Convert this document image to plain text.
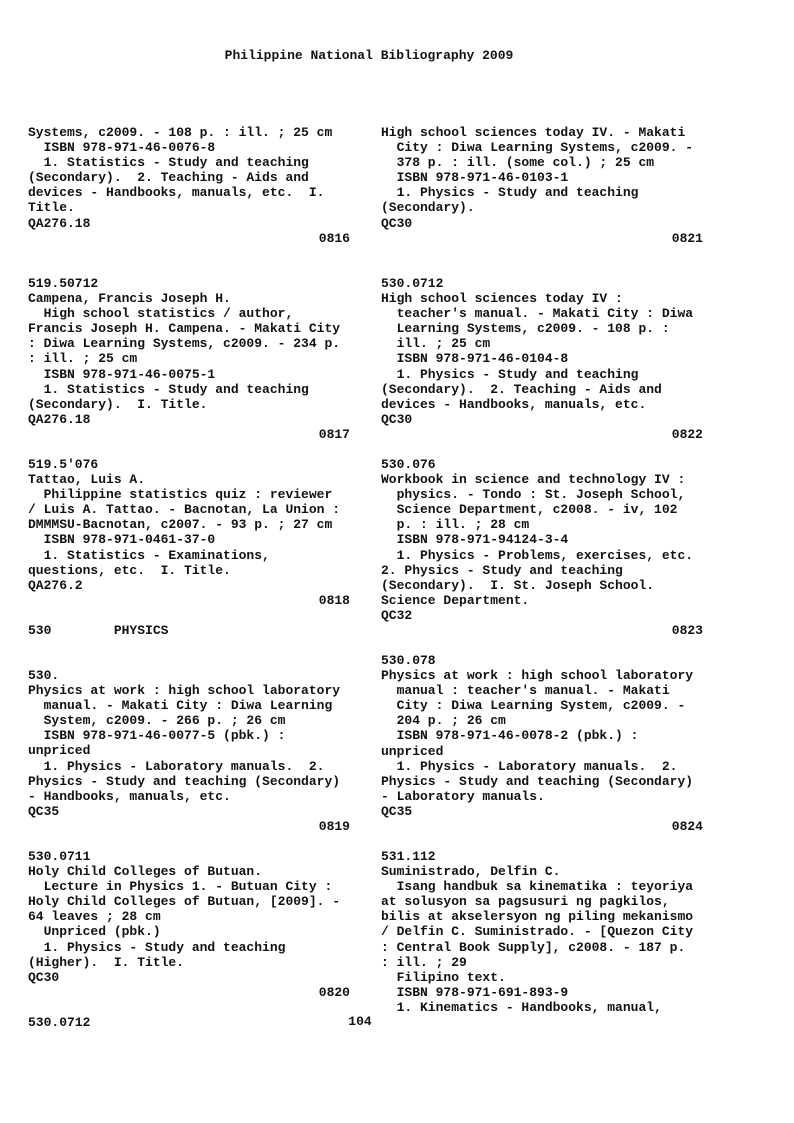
Philippine National Bibliography 2009
Systems, c2009. - 108 p. : ill. ; 25 cm
ISBN 978-971-46-0076-8
1. Statistics - Study and teaching
(Secondary).  2. Teaching - Aids and
devices - Handbooks, manuals, etc.  I.
Title.
QA276.18
0816
519.50712
Campena, Francis Joseph H.
High school statistics / author,
Francis Joseph H. Campena. - Makati City
: Diwa Learning Systems, c2009. - 234 p.
: ill. ; 25 cm
ISBN 978-971-46-0075-1
1. Statistics - Study and teaching
(Secondary).  I. Title.
QA276.18
0817
519.5'076
Tattao, Luis A.
Philippine statistics quiz : reviewer
/ Luis A. Tattao. - Bacnotan, La Union :
DMMMSU-Bacnotan, c2007. - 93 p. ; 27 cm
ISBN 978-971-0461-37-0
1. Statistics - Examinations,
questions, etc.  I. Title.
QA276.2
0818
530        PHYSICS
530.
Physics at work : high school laboratory
manual. - Makati City : Diwa Learning
System, c2009. - 266 p. ; 26 cm
ISBN 978-971-46-0077-5 (pbk.) :
unpriced
1. Physics - Laboratory manuals.  2.
Physics - Study and teaching (Secondary)
- Handbooks, manuals, etc.
QC35
0819
530.0711
Holy Child Colleges of Butuan.
Lecture in Physics 1. - Butuan City :
Holy Child Colleges of Butuan, [2009]. -
64 leaves ; 28 cm
Unpriced (pbk.)
1. Physics - Study and teaching
(Higher).  I. Title.
QC30
0820
530.0712
High school sciences today IV. - Makati
City : Diwa Learning Systems, c2009. -
378 p. : ill. (some col.) ; 25 cm
ISBN 978-971-46-0103-1
1. Physics - Study and teaching
(Secondary).
QC30
0821
530.0712
High school sciences today IV :
teacher's manual. - Makati City : Diwa
Learning Systems, c2009. - 108 p. :
ill. ; 25 cm
ISBN 978-971-46-0104-8
1. Physics - Study and teaching
(Secondary).  2. Teaching - Aids and
devices - Handbooks, manuals, etc.
QC30
0822
530.076
Workbook in science and technology IV :
physics. - Tondo : St. Joseph School,
Science Department, c2008. - iv, 102
p. : ill. ; 28 cm
ISBN 978-971-94124-3-4
1. Physics - Problems, exercises, etc.
2. Physics - Study and teaching
(Secondary).  I. St. Joseph School.
Science Department.
QC32
0823
530.078
Physics at work : high school laboratory
manual : teacher's manual. - Makati
City : Diwa Learning System, c2009. -
204 p. ; 26 cm
ISBN 978-971-46-0078-2 (pbk.) :
unpriced
1. Physics - Laboratory manuals.  2.
Physics - Study and teaching (Secondary)
- Laboratory manuals.
QC35
0824
531.112
Suministrado, Delfin C.
Isang handbuk sa kinematika : teyoriya
at solusyon sa pagsusuri ng pagkilos,
bilis at akselersyon ng piling mekanismo
/ Delfin C. Suministrado. - [Quezon City
: Central Book Supply], c2008. - 187 p.
: ill. ; 29
Filipino text.
ISBN 978-971-691-893-9
1. Kinematics - Handbooks, manual,
104
